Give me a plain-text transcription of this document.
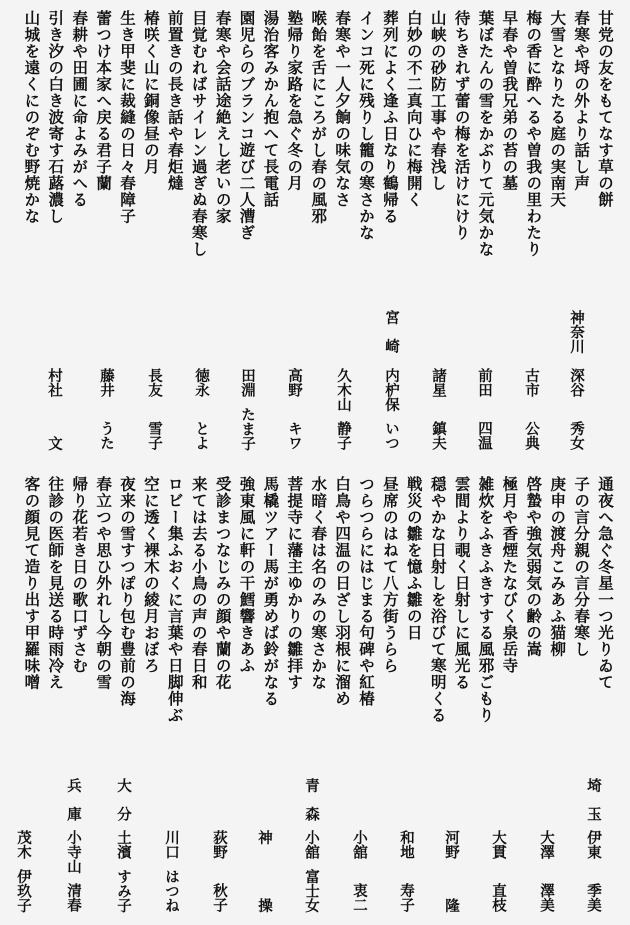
甘党の友をもてなす草の餅
春寒や埒の外より話し声
大雪となりたる庭の実南天
梅の香に酔へるや曽我の里わたり
早春や曽我兄弟の苔の墓
葉ぼたんの雪をかぶりて元気かな
待ちきれず蕾の梅を活けにけり
山峡の砂防工事や春浅し
白妙の不二真向ひに梅開く
葬列によく逢ふ日なり鶴帰る
インコ死に残りし籠の寒さかな
春寒や一人夕餉の味気なさ
喉飴を舌にころがし春の風邪
塾帰り家路を急ぐ冬の月
湯治客みかん抱へて長電話
園児らのブランコ遊び二人漕ぎ
春寒や会話途絶えし老いの家
目覚むればサイレン過ぎぬ春寒し
前置きの長き話や春炬燵
椿咲く山に銅像昼の月
生き甲斐に裁縫の日々春障子
蕾つけ本家へ戻る君子蘭
春耕や田圃に命よみがへる
引き汐の白き波寄す石蕗濃し
山城を遠くにのぞむ野焼かな
神奈川
深谷
秀女
古市
公典
前田
四温
諸星
鎮夫
宮崎
内枦保
いつ
久木山
静子
高野
キワ
田淵
たま子
徳永
とよ
長友
雪子
藤井
うた
村社
文
通夜へ急ぐ冬星一つ光りゐて
子の言分親の言分春寒し
庚申の渡舟こみあふ猫柳
啓蟄や強気弱気の齢の嵩
極月や香煙たなびく泉岳寺
雑炊をふきふきすする風邪ごもり
雲間より覗く日射しに風光る
穏やかな日射しを浴びて寒明くる
戦災の雛を憶ふ雛の日
昼席のはねて八方街うらら
つらつらにはじまる句碑や紅椿
白鳥や四温の日ざし羽根に溜め
水暗く春は名のみの寒さかな
菩提寺に藩主ゆかりの雛拝す
馬橇ツアー馬が勇めば鈴がなる
強東風に軒の干鱈響きあふ
受診まつなじみの顔や蘭の花
来ては去る小鳥の声の春日和
ロビー集ふおくに言葉や日脚伸ぶ
空に透く裸木の綾月おぼろ
夜来の雪すつぽり包む豊前の海
春立つや思ひ外れし今朝の雪
帰り花若き日の歌口ずさむ
往診の医師を見送る時雨冷え
客の顔見て造り出す甲羅味噌
埼玉
伊東
季美
大澤
澤美
大貫
直枝
河野
隆
和地
寿子
小舘
衷二
青森
小舘
富士女
神
操
荻野
秋子
川口
はつね
大分
土濱
すみ子
兵庫
小寺山
清春
茂木
伊玖子
